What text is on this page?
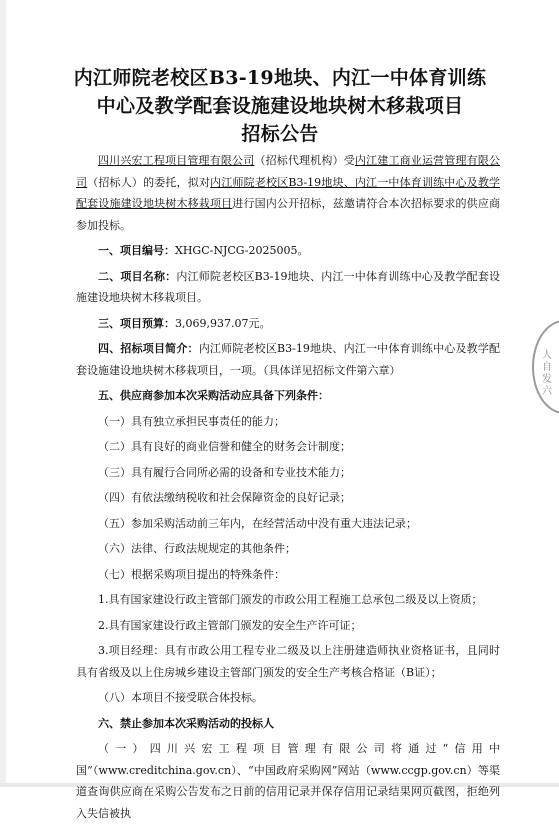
内江师院老校区B3-19地块、内江一中体育训练
中心及教学配套设施建设地块树木移栽项目
招标公告

四川兴宏工程项目管理有限公司（招标代理机构）受内江建工商业运营管理有限公司（招标人）的委托，拟对内江师院老校区B3-19地块、内江一中体育训练中心及教学配套设施建设地块树木移栽项目进行国内公开招标，兹邀请符合本次招标要求的供应商参加投标。

一、项目编号：XHGC-NJCG-2025005。

二、项目名称：内江师院老校区B3-19地块、内江一中体育训练中心及教学配套设施建设地块树木移栽项目。

三、项目预算：3,069,937.07元。

四、招标项目简介：内江师院老校区B3-19地块、内江一中体育训练中心及教学配套设施建设地块树木移栽项目，一项。（具体详见招标文件第六章）

五、供应商参加本次采购活动应具备下列条件：

（一）具有独立承担民事责任的能力；

（二）具有良好的商业信誉和健全的财务会计制度；

（三）具有履行合同所必需的设备和专业技术能力；

（四）有依法缴纳税收和社会保障资金的良好记录；

（五）参加采购活动前三年内，在经营活动中没有重大违法记录；

（六）法律、行政法规规定的其他条件；

（七）根据采购项目提出的特殊条件：

1.具有国家建设行政主管部门颁发的市政公用工程施工总承包二级及以上资质；

2.具有国家建设行政主管部门颁发的安全生产许可证；

3.项目经理：具有市政公用工程专业二级及以上注册建造师执业资格证书，且同时具有省级及以上住房城乡建设主管部门颁发的安全生产考核合格证（B证）；

（八）本项目不接受联合体投标。

六、禁止参加本次采购活动的投标人

（一）四川兴宏工程项目管理有限公司将通过“信用中国”（www.creditchina.gov.cn）、“中国政府采购网”网站（www.ccgp.gov.cn）等渠道查询供应商在采购公告发布之日前的信用记录并保存信用记录结果网页截图，拒绝列入失信被执

人自发六
